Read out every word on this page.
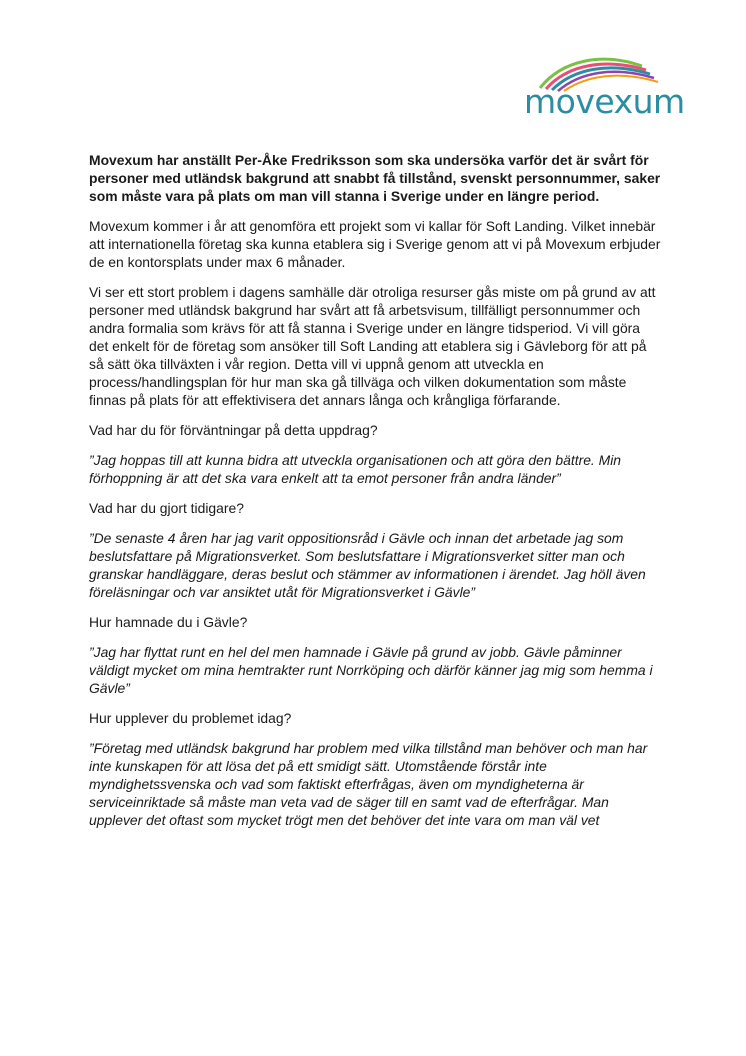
movexum

Movexum har anställt Per-Åke Fredriksson som ska undersöka varför det är svårt för personer med utländsk bakgrund att snabbt få tillstånd, svenskt personnummer, saker som måste vara på plats om man vill stanna i Sverige under en längre period.

Movexum kommer i år att genomföra ett projekt som vi kallar för Soft Landing. Vilket innebär att internationella företag ska kunna etablera sig i Sverige genom att vi på Movexum erbjuder de en kontorsplats under max 6 månader.

Vi ser ett stort problem i dagens samhälle där otroliga resurser gås miste om på grund av att personer med utländsk bakgrund har svårt att få arbetsvisum, tillfälligt personnummer och andra formalia som krävs för att få stanna i Sverige under en längre tidsperiod. Vi vill göra det enkelt för de företag som ansöker till Soft Landing att etablera sig i Gävleborg för att på så sätt öka tillväxten i vår region. Detta vill vi uppnå genom att utveckla en process/handlingsplan för hur man ska gå tillväga och vilken dokumentation som måste finnas på plats för att effektivisera det annars långa och krångliga förfarande.

Vad har du för förväntningar på detta uppdrag?

”Jag hoppas till att kunna bidra att utveckla organisationen och att göra den bättre. Min förhoppning är att det ska vara enkelt att ta emot personer från andra länder”

Vad har du gjort tidigare?

”De senaste 4 åren har jag varit oppositionsråd i Gävle och innan det arbetade jag som beslutsfattare på Migrationsverket. Som beslutsfattare i Migrationsverket sitter man och granskar handläggare, deras beslut och stämmer av informationen i ärendet. Jag höll även föreläsningar och var ansiktet utåt för Migrationsverket i Gävle”

Hur hamnade du i Gävle?

”Jag har flyttat runt en hel del men hamnade i Gävle på grund av jobb. Gävle påminner väldigt mycket om mina hemtrakter runt Norrköping och därför känner jag mig som hemma i Gävle”

Hur upplever du problemet idag?

”Företag med utländsk bakgrund har problem med vilka tillstånd man behöver och man har inte kunskapen för att lösa det på ett smidigt sätt. Utomstående förstår inte myndighetssvenska och vad som faktiskt efterfrågas, även om myndigheterna är serviceinriktade så måste man veta vad de säger till en samt vad de efterfrågar. Man upplever det oftast som mycket trögt men det behöver det inte vara om man väl vet
